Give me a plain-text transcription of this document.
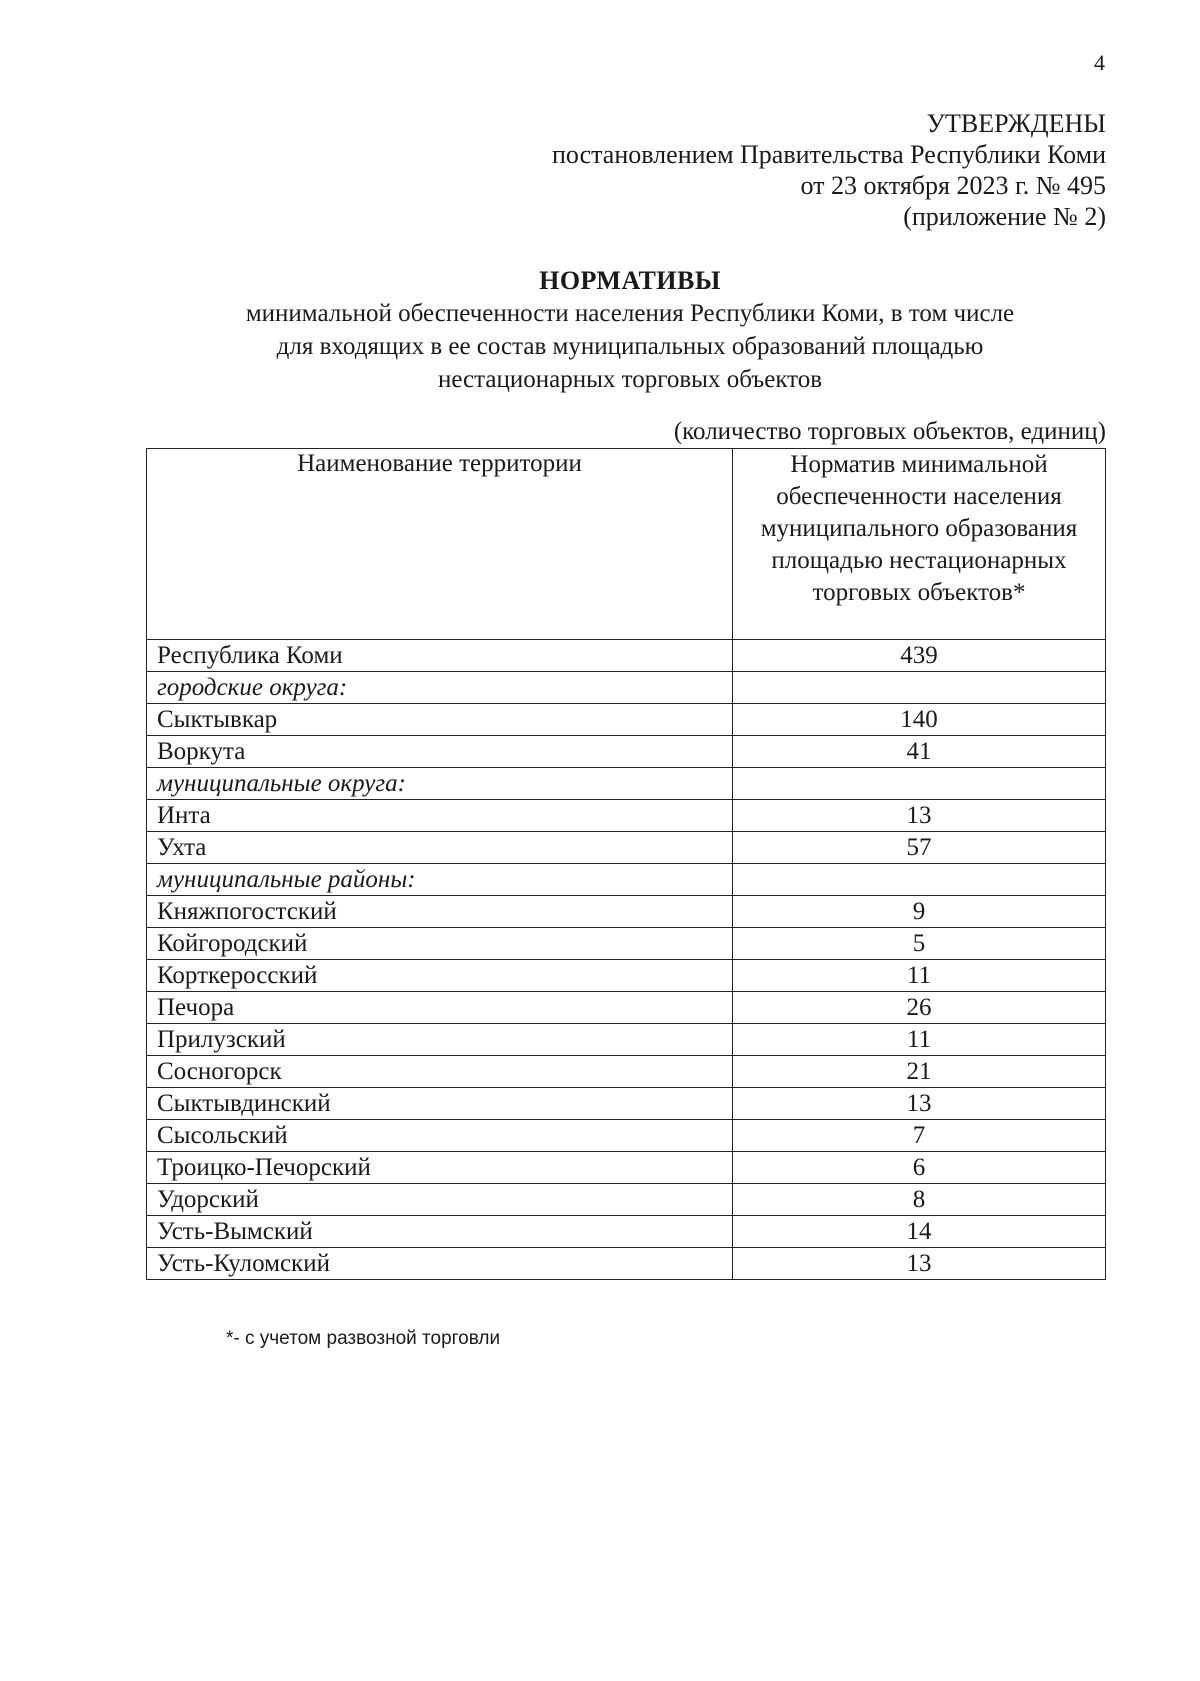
4
УТВЕРЖДЕНЫ
постановлением Правительства Республики Коми
от 23 октября 2023 г. № 495
(приложение № 2)
НОРМАТИВЫ
минимальной обеспеченности населения Республики Коми, в том числе
для входящих в ее состав муниципальных образований площадью
нестационарных торговых объектов
(количество торговых объектов, единиц)
Наименование территории	Норматив минимальной обеспеченности населения муниципального образования площадью нестационарных торговых объектов*
Республика Коми	439
городские округа:	
Сыктывкар	140
Воркута	41
муниципальные округа:	
Инта	13
Ухта	57
муниципальные районы:	
Княжпогостский	9
Койгородский	5
Корткеросский	11
Печора	26
Прилузский	11
Сосногорск	21
Сыктывдинский	13
Сысольский	7
Троицко-Печорский	6
Удорский	8
Усть-Вымский	14
Усть-Куломский	13
*- с учетом развозной торговли
